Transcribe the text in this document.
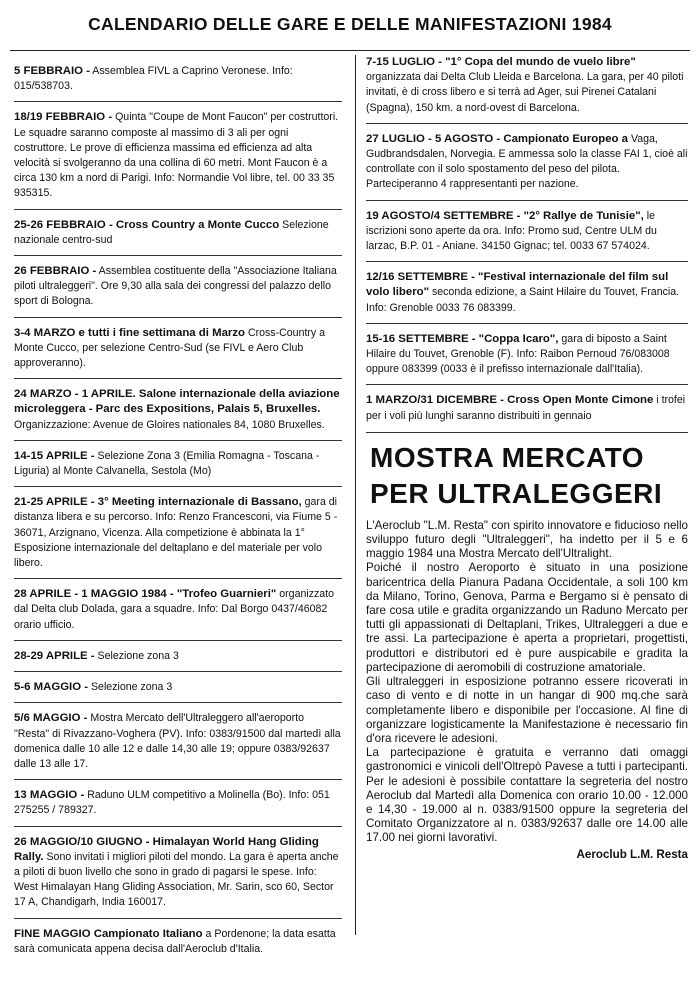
CALENDARIO DELLE GARE E DELLE MANIFESTAZIONI 1984

5 FEBBRAIO - Assemblea FIVL a Caprino Veronese. Info: 015/538703.

18/19 FEBBRAIO - Quinta "Coupe de Mont Faucon" per costruttori. Le squadre saranno composte al massimo di 3 ali per ogni costruttore. Le prove di efficienza massima ed efficienza ad alta velocità si svolgeranno da una collina di 60 metri. Mont Faucon è a circa 130 km a nord di Parigi. Info: Normandie Vol libre, tel. 00 33 35 935315.

25-26 FEBBRAIO - Cross Country a Monte Cucco Selezione nazionale centro-sud

26 FEBBRAIO - Assemblea costituente della "Associazione Italiana piloti ultraleggeri". Ore 9,30 alla sala dei congressi del palazzo dello sport di Bologna.

3-4 MARZO e tutti i fine settimana di Marzo Cross-Country a Monte Cucco, per selezione Centro-Sud (se FIVL e Aero Club approveranno).

24 MARZO - 1 APRILE. Salone internazionale della aviazione microleggera - Parc des Expositions, Palais 5, Bruxelles. Organizzazione: Avenue de Gloires nationales 84, 1080 Bruxelles.

14-15 APRILE - Selezione Zona 3 (Emilia Romagna - Toscana - Liguria) al Monte Calvanella, Sestola (Mo)

21-25 APRILE - 3° Meeting internazionale di Bassano, gara di distanza libera e su percorso. Info: Renzo Francesconi, via Fiume 5 - 36071, Arzignano, Vicenza. Alla competizione è abbinata la 1° Esposizione internazionale del deltaplano e del materiale per volo libero.

28 APRILE - 1 MAGGIO 1984 - "Trofeo Guarnieri" organizzato dal Delta club Dolada, gara a squadre. Info: Dal Borgo 0437/46082 orario ufficio.

28-29 APRILE - Selezione zona 3

5-6 MAGGIO - Selezione zona 3

5/6 MAGGIO - Mostra Mercato dell'Ultraleggero all'aeroporto "Resta" di Rivazzano-Voghera (PV). Info: 0383/91500 dal martedì alla domenica dalle 10 alle 12 e dalle 14,30 alle 19; oppure 0383/92637 dalle 13 alle 17.

13 MAGGIO - Raduno ULM competitivo a Molinella (Bo). Info: 051 275255 / 789327.

26 MAGGIO/10 GIUGNO - Himalayan World Hang Gliding Rally. Sono invitati i migliori piloti del mondo. La gara è aperta anche a piloti di buon livello che sono in grado di pagarsi le spese. Info: West Himalayan Hang Gliding Association, Mr. Sarin, sco 60, Sector 17 A, Chandigarh, India 160017.

FINE MAGGIO Campionato Italiano a Pordenone; la data esatta sarà comunicata appena decisa dall'Aeroclub d'Italia.

7-15 LUGLIO - "1° Copa del mundo de vuelo libre" organizzata dai Delta Club Lleida e Barcelona. La gara, per 40 piloti invitati, è di cross libero e si terrà ad Ager, sui Pirenei Catalani (Spagna), 150 km. a nord-ovest di Barcelona.

27 LUGLIO - 5 AGOSTO - Campionato Europeo a Vaga, Gudbrandsdalen, Norvegia. E ammessa solo la classe FAI 1, cioè ali controllate con il solo spostamento del peso del pilota. Parteciperanno 4 rappresentanti per nazione.

19 AGOSTO/4 SETTEMBRE - "2° Rallye de Tunisie", le iscrizioni sono aperte da ora. Info: Promo sud, Centre ULM du larzac, B.P. 01 - Aniane. 34150 Gignac; tel. 0033 67 574024.

12/16 SETTEMBRE - "Festival internazionale del film sul volo libero" seconda edizione, a Saint Hilaire du Touvet, Francia. Info: Grenoble 0033 76 083399.

15-16 SETTEMBRE - "Coppa Icaro", gara di biposto a Saint Hilaire du Touvet, Grenoble (F). Info: Raibon Pernoud 76/083008 oppure 083399 (0033 è il prefisso internazionale dall'Italia).

1 MARZO/31 DICEMBRE - Cross Open Monte Cimone i trofei per i voli più lunghi saranno distribuiti in gennaio

MOSTRA MERCATO
PER ULTRALEGGERI
L'Aeroclub "L.M. Resta" con spirito innovatore e fiducioso nello sviluppo futuro degli "Ultraleggeri", ha indetto per il 5 e 6 maggio 1984 una Mostra Mercato dell'Ultralight.
Poiché il nostro Aeroporto è situato in una posizione baricentrica della Pianura Padana Occidentale, a soli 100 km da Milano, Torino, Genova, Parma e Bergamo si è pensato di fare cosa utile e gradita organizzando un Raduno Mercato per tutti gli appassionati di Deltaplani, Trikes, Ultraleggeri a due e tre assi. La partecipazione è aperta a proprietari, progettisti, produttori e distributori ed è pure auspicabile e gradita la partecipazione di aeromobili di costruzione amatoriale.
Gli ultraleggeri in esposizione potranno essere ricoverati in caso di vento e di notte in un hangar di 900 mq.che sarà completamente libero e disponibile per l'occasione. Al fine di organizzare logisticamente la Manifestazione è necessario fin d'ora ricevere le adesioni.
La partecipazione è gratuita e verranno dati omaggi gastronomici e vinicoli dell'Oltrepò Pavese a tutti i partecipanti. Per le adesioni è possibile contattare la segreteria del nostro Aeroclub dal Martedì alla Domenica con orario 10.00 - 12.000 e 14,30 - 19.000 al n. 0383/91500 oppure la segreteria del Comitato Organizzatore al n. 0383/92637 dalle ore 14.00 alle 17.00 nei giorni lavorativi.
Aeroclub L.M. Resta
